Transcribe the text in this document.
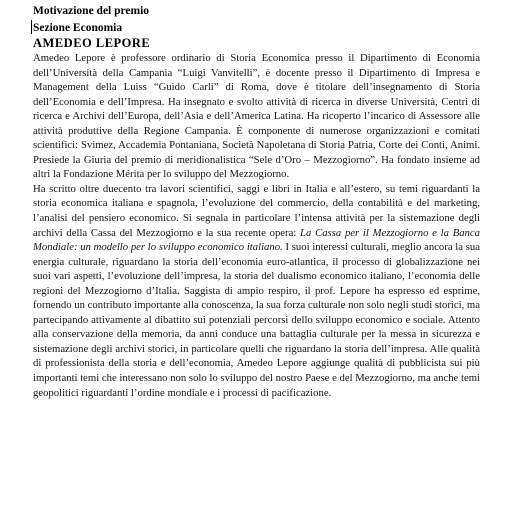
Motivazione del premio
Sezione Economia
AMEDEO LEPORE

Amedeo Lepore è professore ordinario di Storia Economica presso il Dipartimento di Economia dell’Università della Campania “Luigi Vanvitelli”, è docente presso il Dipartimento di Impresa e Management della Luiss “Guido Carli” di Roma, dove è titolare dell’insegnamento di Storia dell’Economia e dell’Impresa. Ha insegnato e svolto attività di ricerca in diverse Università, Centri di ricerca e Archivi dell’Europa, dell’Asia e dell’America Latina. Ha ricoperto l’incarico di Assessore alle attività produttive della Regione Campania. È componente di numerose organizzazioni e comitati scientifici: Svimez, Accademia Pontaniana, Società Napoletana di Storia Patria, Corte dei Conti, Animi. Presiede la Giuria del premio di meridionalistica “Sele d’Oro – Mezzogiorno”. Ha fondato insieme ad altri la Fondazione Mérita per lo sviluppo del Mezzogiorno.

Ha scritto oltre duecento tra lavori scientifici, saggi e libri in Italia e all’estero, su temi riguardanti la storia economica italiana e spagnola, l’evoluzione del commercio, della contabilità e del marketing, l’analisi del pensiero economico. Si segnala in particolare l’intensa attività per la sistemazione degli archivi della Cassa del Mezzogiorno e la sua recente opera: La Cassa per il Mezzogiorno e la Banca Mondiale: un modello per lo sviluppo economico italiano. I suoi interessi culturali, meglio ancora la sua energia culturale, riguardano la storia dell’economia euro-atlantica, il processo di globalizzazione nei suoi vari aspetti, l’evoluzione dell’impresa, la storia del dualismo economico italiano, l’economia delle regioni del Mezzogiorno d’Italia. Saggista di ampio respiro, il prof. Lepore ha espresso ed esprime, fornendo un contributo importante alla conoscenza, la sua forza culturale non solo negli studi storici, ma partecipando attivamente al dibattito sui potenziali percorsi dello sviluppo economico e sociale. Attento alla conservazione della memoria, da anni conduce una battaglia culturale per la messa in sicurezza e sistemazione degli archivi storici, in particolare quelli che riguardano la storia dell’impresa. Alle qualità di professionista della storia e dell’economia, Amedeo Lepore aggiunge qualità di pubblicista sui più importanti temi che interessano non solo lo sviluppo del nostro Paese e del Mezzogiorno, ma anche temi geopolitici riguardanti l’ordine mondiale e i processi di pacificazione.
